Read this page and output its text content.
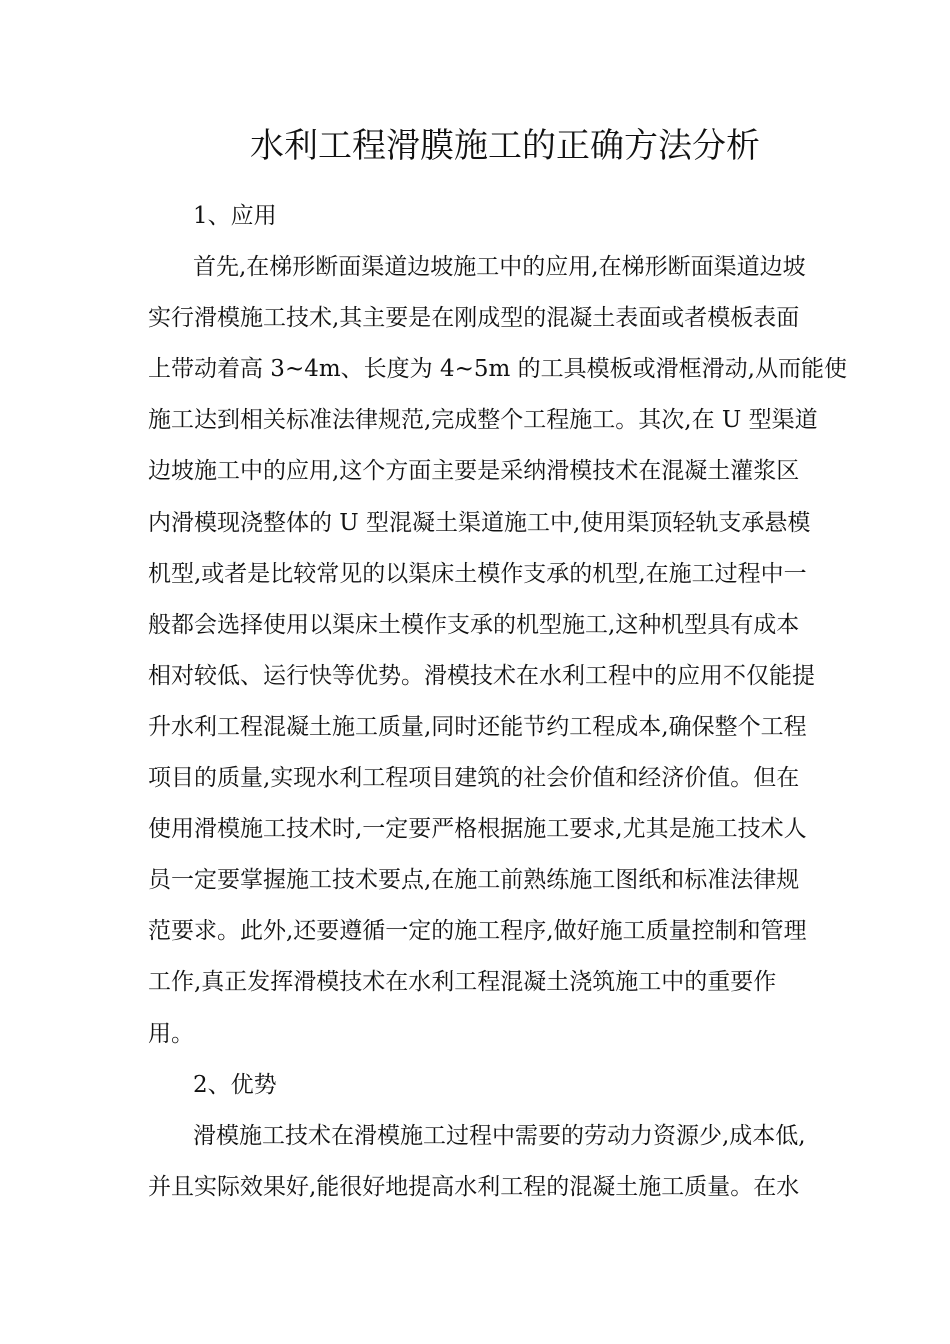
水利工程滑膜施工的正确方法分析

1、应用

首先,在梯形断面渠道边坡施工中的应用,在梯形断面渠道边坡

实行滑模施工技术,其主要是在刚成型的混凝土表面或者模板表面

上带动着高 3~4m、长度为 4~5m 的工具模板或滑框滑动,从而能使

施工达到相关标准法律规范,完成整个工程施工。其次,在 U 型渠道

边坡施工中的应用,这个方面主要是采纳滑模技术在混凝土灌浆区

内滑模现浇整体的 U 型混凝土渠道施工中,使用渠顶轻轨支承悬模

机型,或者是比较常见的以渠床土模作支承的机型,在施工过程中一

般都会选择使用以渠床土模作支承的机型施工,这种机型具有成本

相对较低、运行快等优势。滑模技术在水利工程中的应用不仅能提

升水利工程混凝土施工质量,同时还能节约工程成本,确保整个工程

项目的质量,实现水利工程项目建筑的社会价值和经济价值。但在

使用滑模施工技术时,一定要严格根据施工要求,尤其是施工技术人

员一定要掌握施工技术要点,在施工前熟练施工图纸和标准法律规

范要求。此外,还要遵循一定的施工程序,做好施工质量控制和管理

工作,真正发挥滑模技术在水利工程混凝土浇筑施工中的重要作

用。

2、优势

滑模施工技术在滑模施工过程中需要的劳动力资源少,成本低,

并且实际效果好,能很好地提高水利工程的混凝土施工质量。在水
